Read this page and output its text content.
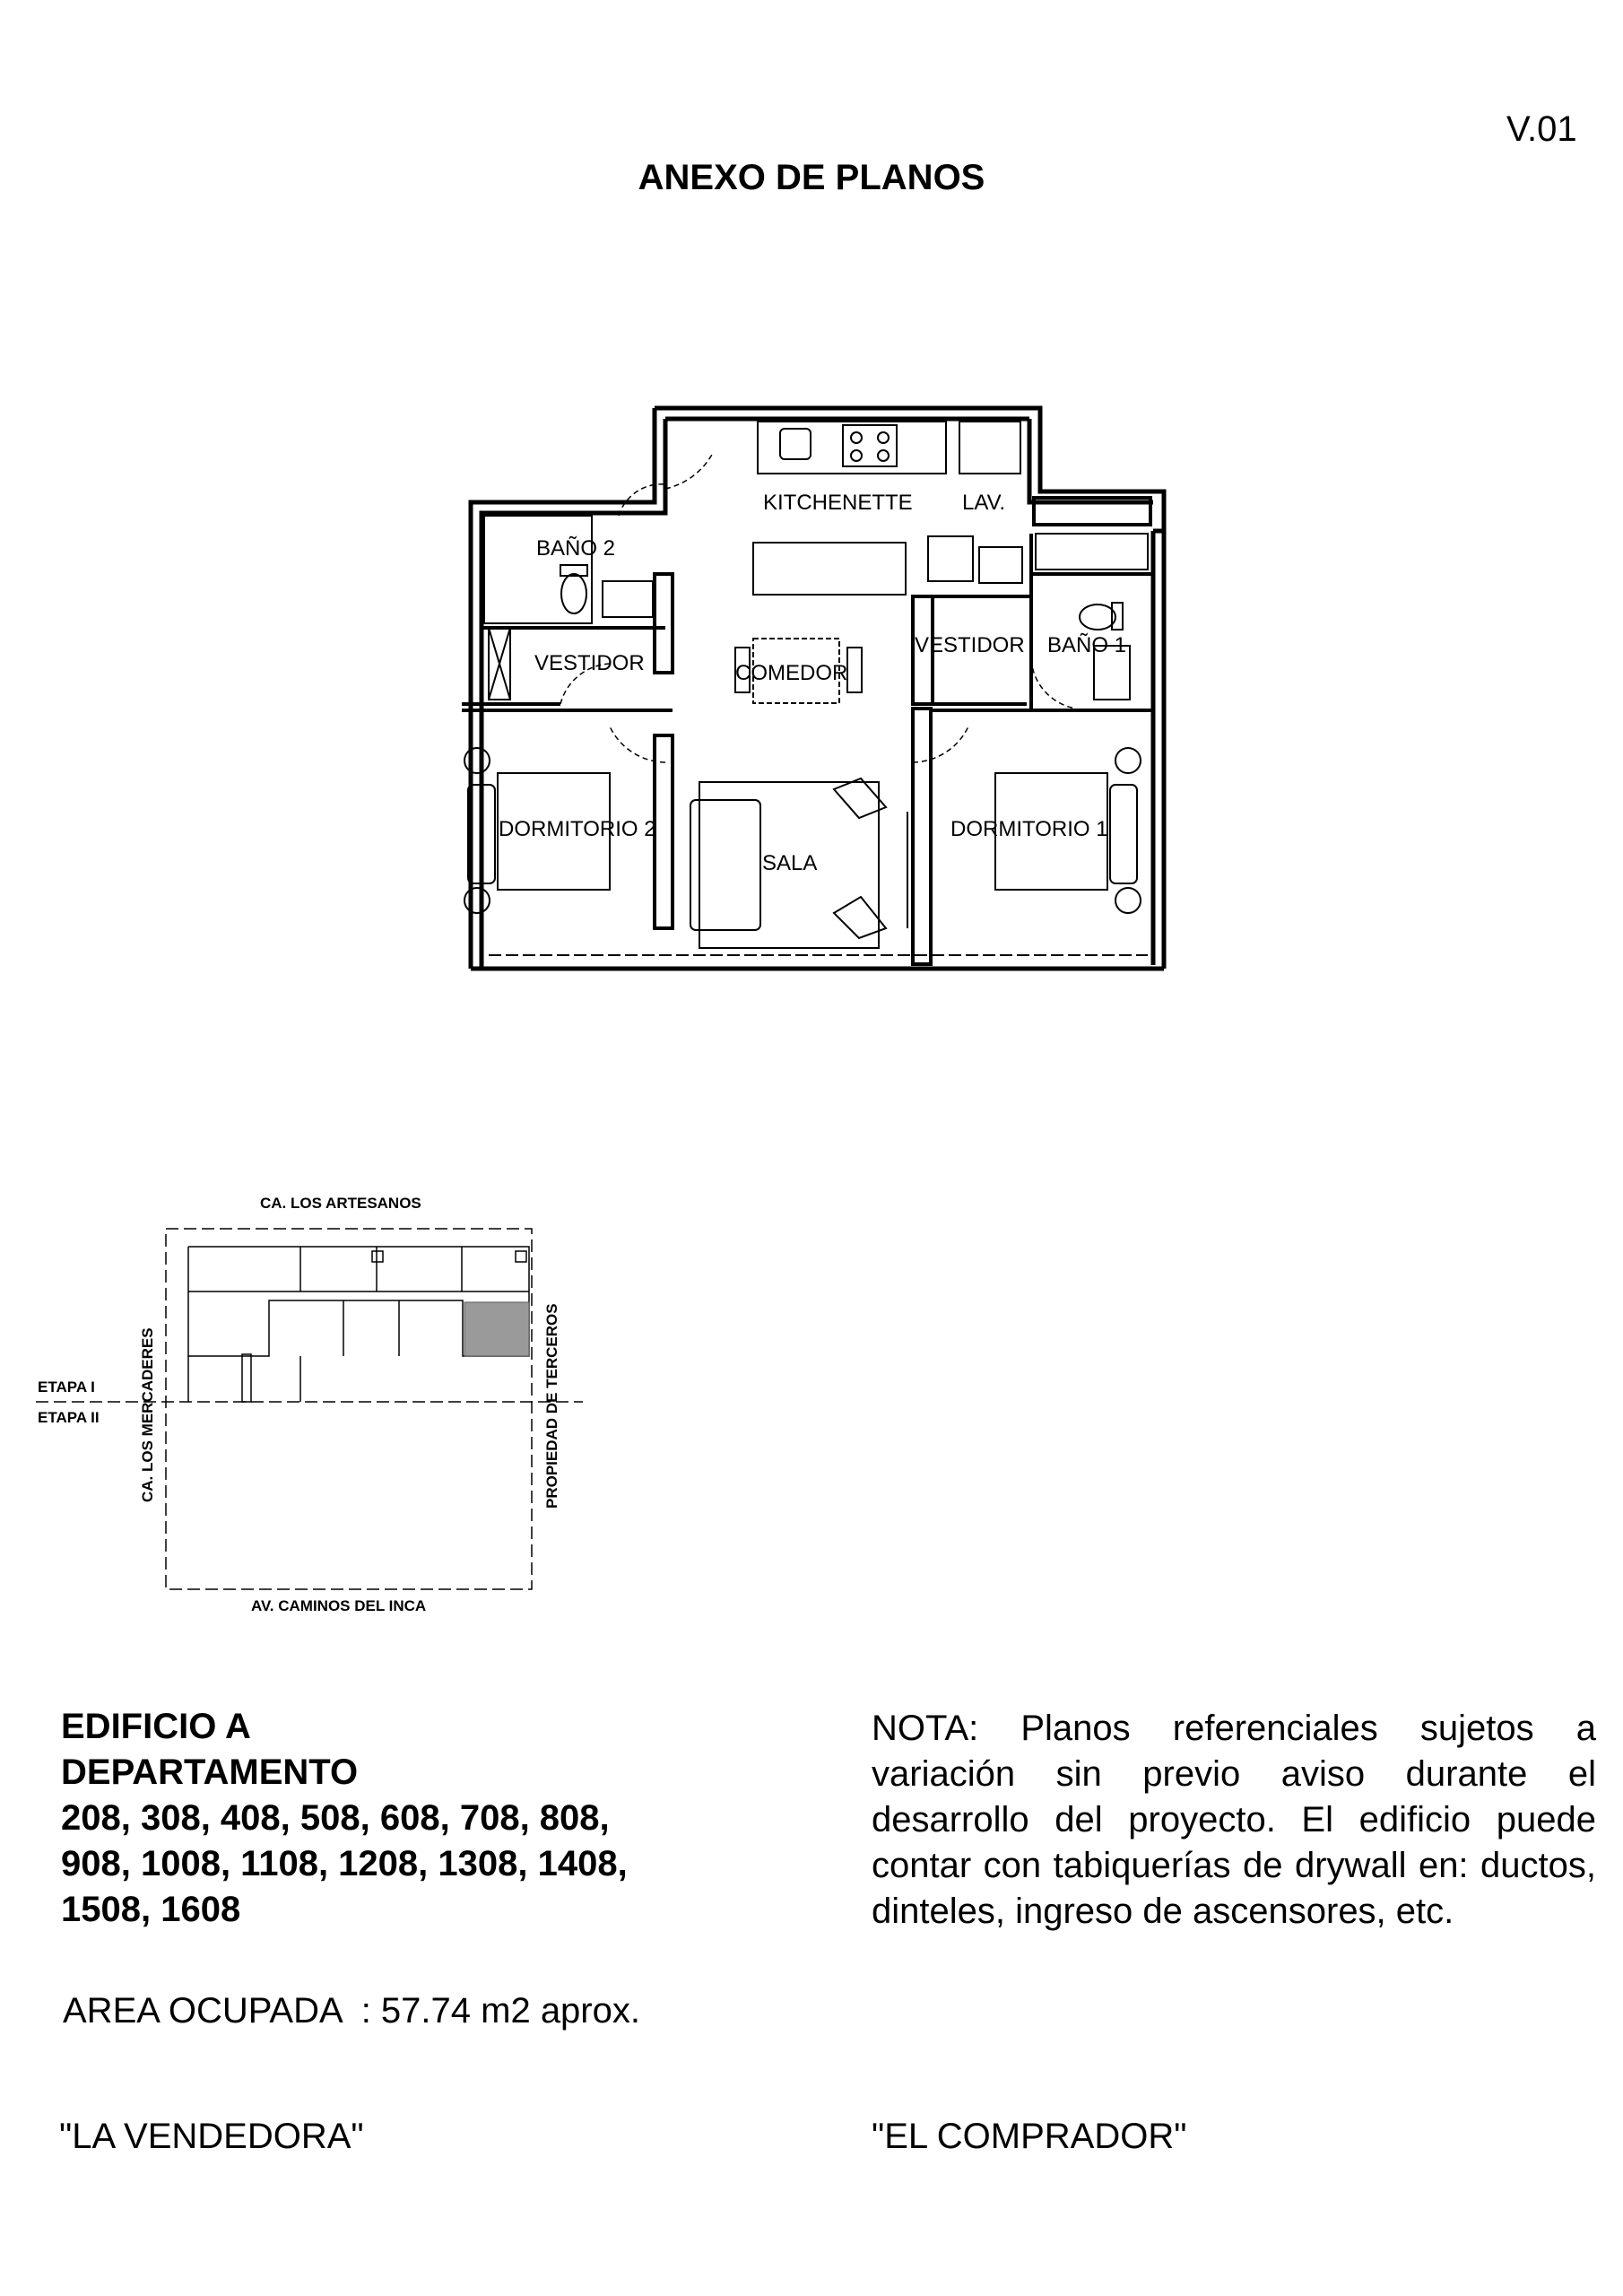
V.01
ANEXO DE PLANOS
KITCHENETTE LAV.
BAÑO 2
VESTIDOR	COMEDOR
VESTIDOR BAÑO 1
DORMITORIO 2
SALA
DORMITORIO 1
CA. LOS ARTESANOS
AV. CAMINOS DEL INCA
CA. LOS MERCADERES	PROPIEDAD DE TERCEROS
ETAPA I
ETAPA II
EDIFICIO A
DEPARTAMENTO
208, 308, 408, 508, 608, 708, 808,
908, 1008, 1108, 1208, 1308, 1408,
1508, 1608
AREA OCUPADA  : 57.74 m2 aprox.
NOTA: Planos referenciales sujetos a variación sin previo aviso durante el desarrollo del proyecto. El edificio puede contar con tabiquerías de drywall en: ductos, dinteles, ingreso de ascensores, etc.
"LA VENDEDORA"	"EL COMPRADOR"
